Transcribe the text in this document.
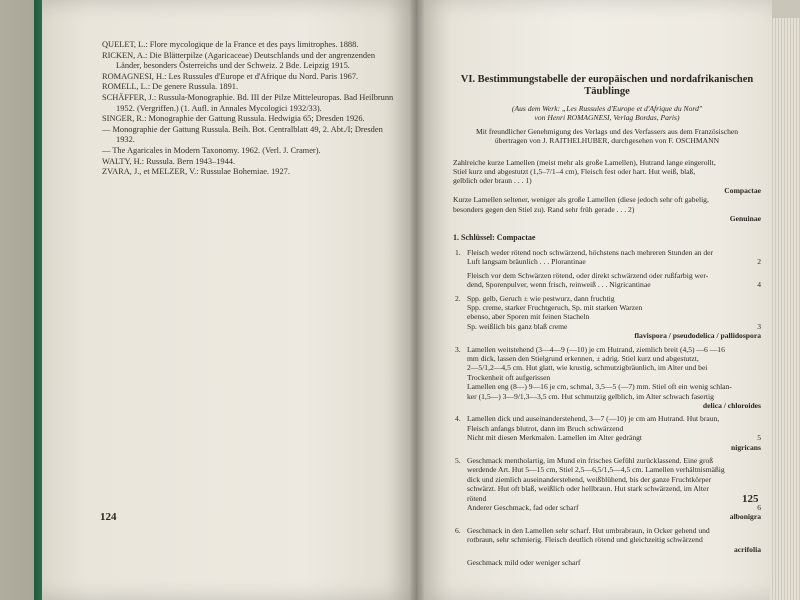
QUELET, L.: Flore mycologique de la France et des pays limitrophes. 1888.
RICKEN, A.: Die Blätterpilze (Agaricaceae) Deutschlands und der angrenzenden
Länder, besonders Österreichs und der Schweiz. 2 Bde. Leipzig 1915.
ROMAGNESI, H.: Les Russules d'Europe et d'Afrique du Nord. Paris 1967.
ROMELL, L.: De genere Russula. 1891.
SCHÄFFER, J.: Russula-Monographie. Bd. III der Pilze Mitteleuropas. Bad Heilbrunn
1952. (Vergriffen.) (1. Aufl. in Annales Mycologici 1932/33).
SINGER, R.: Monographie der Gattung Russula. Hedwigia 65; Dresden 1926.
— Monographie der Gattung Russula. Beih. Bot. Centralblatt 49, 2. Abt./I; Dresden
1932.
— The Agaricales in Modern Taxonomy. 1962. (Verl. J. Cramer).
WALTY, H.: Russula. Bern 1943–1944.
ZVARA, J., et MELZER, V.: Russulae Bohemiae. 1927.
124
VI. Bestimmungstabelle der europäischen und nordafrikanischen
Täublinge
(Aus dem Werk: „Les Russules d'Europe et d'Afrique du Nord"
von Henri ROMAGNESI, Verlag Bordas, Paris)
Mit freundlicher Genehmigung des Verlags und des Verfassers aus dem Französischen
übertragen von J. RAITHELHUBER, durchgesehen von F. OSCHMANN

Zahlreiche kurze Lamellen (meist mehr als große Lamellen), Hutrand lange eingerollt,

Stiel kurz und abgestutzt (1,5–7/1–4 cm), Fleisch fest oder hart. Hut weiß, blaß,

gelblich oder braun . . . 1)

Compactae

Kurze Lamellen seltener, weniger als große Lamellen (diese jedoch sehr oft gabelig,

besonders gegen den Stiel zu). Rand sehr früh gerade . . . 2)

Genuinae
1. Schlüssel: Compactae
1. Fleisch weder rötend noch schwärzend, höchstens nach mehreren Stunden an der

Luft langsam bräunlich . . . Plorantinae	2

Fleisch vor dem Schwärzen rötend, oder direkt schwärzend oder rußfarbig wer-

dend, Sporenpulver, wenn frisch, reinweiß . . . Nigricantinae	4

2. Spp. gelb, Geruch ± wie pestwurz, dann fruchtig

Spp. creme, starker Fruchtgeruch, Sp. mit starken Warzen

ebenso, aber Sporen mit feinen Stacheln

Sp. weißlich bis ganz blaß creme	3

flavispora / pseudodelica / pallidospora
3. Lamellen weitstehend (3—4—9 (—10) je cm Hutrand, ziemlich breit (4,5) —6 —16

mm dick, lassen den Stielgrund erkennen, ± adrig. Stiel kurz und abgestutzt,

2—5/1,2—4,5 cm. Hut glatt, wie krustig, schmutzigbräunlich, im Alter und bei

Trockenheit oft aufgerissen

Lamellen eng (8—) 9—16 je cm, schmal, 3,5—5 (—7) mm. Stiel oft ein wenig schlan-

ker (1,5—) 3—9/1,3—3,5 cm. Hut schmutzig gelblich, im Alter schwach fasertig

delica / chloroides
4. Lamellen dick und auseinanderstehend, 3—7 (—10) je cm am Hutrand. Hut braun,

Fleisch anfangs blutrot, dann im Bruch schwärzend

Nicht mit diesen Merkmalen. Lamellen im Alter gedrängt	5

nigricans
5. Geschmack mentholartig, im Mund ein frisches Gefühl zurücklassend. Eine groß

werdende Art. Hut 5—15 cm, Stiel 2,5—6,5/1,5—4,5 cm. Lamellen verhältnismäßig

dick und ziemlich auseinanderstehend, weißblühend, bis der ganze Fruchtkörper

schwärzt. Hut oft blaß, weißlich oder hellbraun. Hut stark schwärzend, im Alter

rötend

Anderer Geschmack, fad oder scharf	6

albonigra
6. Geschmack in den Lamellen sehr scharf. Hut umbrabraun, in Ocker gehend und

rotbraun, sehr schmierig. Fleisch deutlich rötend und gleichzeitig schwärzend

acrifolia
Geschmack mild oder weniger scharf
125
